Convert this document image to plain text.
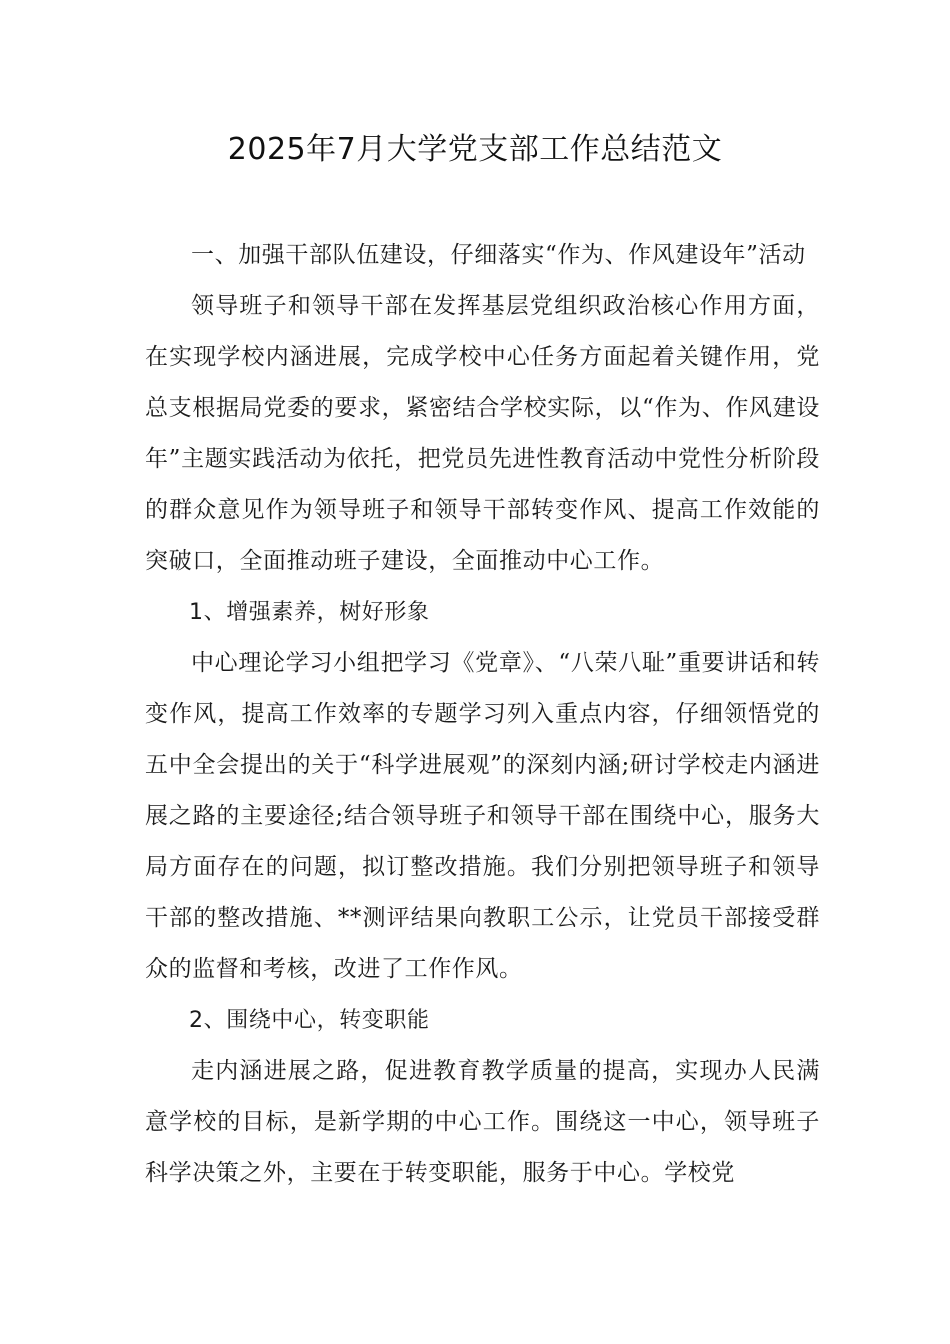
2025年7月大学党支部工作总结范文

一、加强干部队伍建设，仔细落实“作为、作风建设年”活动

领导班子和领导干部在发挥基层党组织政治核心作用方面，在实现学校内涵进展，完成学校中心任务方面起着关键作用，党总支根据局党委的要求，紧密结合学校实际，以“作为、作风建设年”主题实践活动为依托，把党员先进性教育活动中党性分析阶段的群众意见作为领导班子和领导干部转变作风、提高工作效能的突破口，全面推动班子建设，全面推动中心工作。

1、增强素养，树好形象

中心理论学习小组把学习《党章》、“八荣八耻”重要讲话和转变作风，提高工作效率的专题学习列入重点内容，仔细领悟党的五中全会提出的关于“科学进展观”的深刻内涵;研讨学校走内涵进展之路的主要途径;结合领导班子和领导干部在围绕中心，服务大局方面存在的问题，拟订整改措施。我们分别把领导班子和领导干部的整改措施、**测评结果向教职工公示，让党员干部接受群众的监督和考核，改进了工作作风。

2、围绕中心，转变职能

走内涵进展之路，促进教育教学质量的提高，实现办人民满意学校的目标，是新学期的中心工作。围绕这一中心，领导班子科学决策之外，主要在于转变职能，服务于中心。学校党
